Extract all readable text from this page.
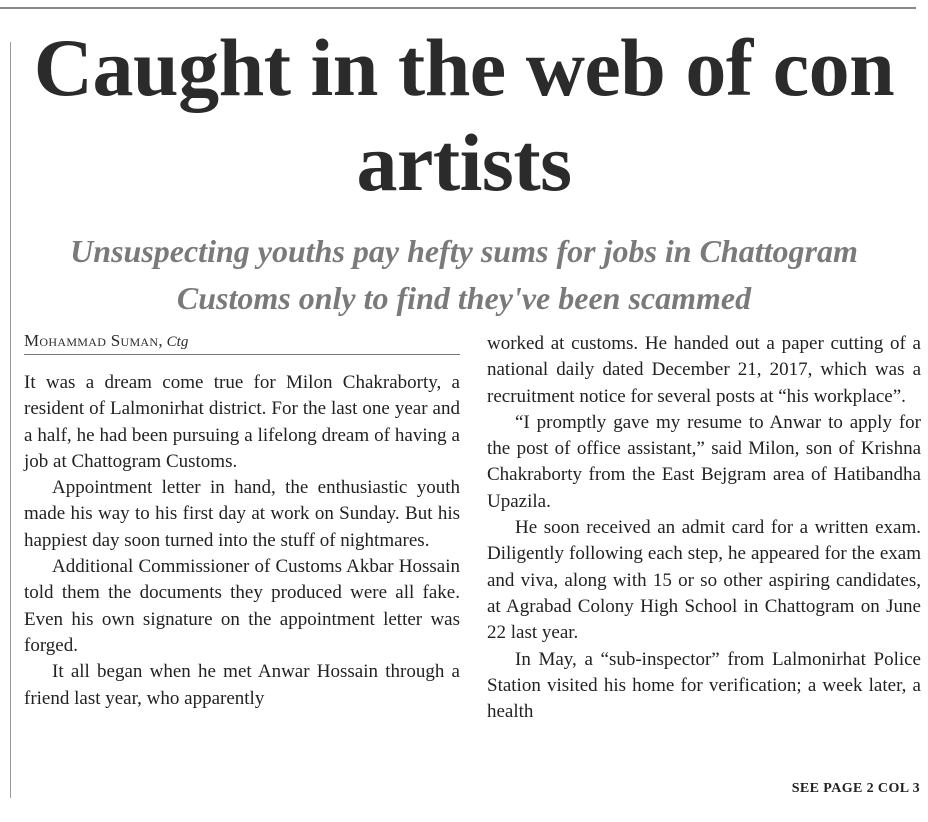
Caught in the web of con artists
Unsuspecting youths pay hefty sums for jobs in Chattogram Customs only to find they've been scammed
Mohammad Suman, Ctg

It was a dream come true for Milon Chakraborty, a resident of Lalmonirhat district. For the last one year and a half, he had been pursuing a lifelong dream of having a job at Chattogram Customs.

Appointment letter in hand, the enthusiastic youth made his way to his first day at work on Sunday. But his happiest day soon turned into the stuff of nightmares.

Additional Commissioner of Customs Akbar Hossain told them the documents they produced were all fake. Even his own signature on the appointment letter was forged.

It all began when he met Anwar Hossain through a friend last year, who apparently

worked at customs. He handed out a paper cutting of a national daily dated December 21, 2017, which was a recruitment notice for several posts at “his workplace”.

“I promptly gave my resume to Anwar to apply for the post of office assistant,” said Milon, son of Krishna Chakraborty from the East Bejgram area of Hatibandha Upazila.

He soon received an admit card for a written exam. Diligently following each step, he appeared for the exam and viva, along with 15 or so other aspiring candidates, at Agrabad Colony High School in Chattogram on June 22 last year.

In May, a “sub-inspector” from Lalmonirhat Police Station visited his home for verification; a week later, a health

SEE PAGE 2 COL 3
